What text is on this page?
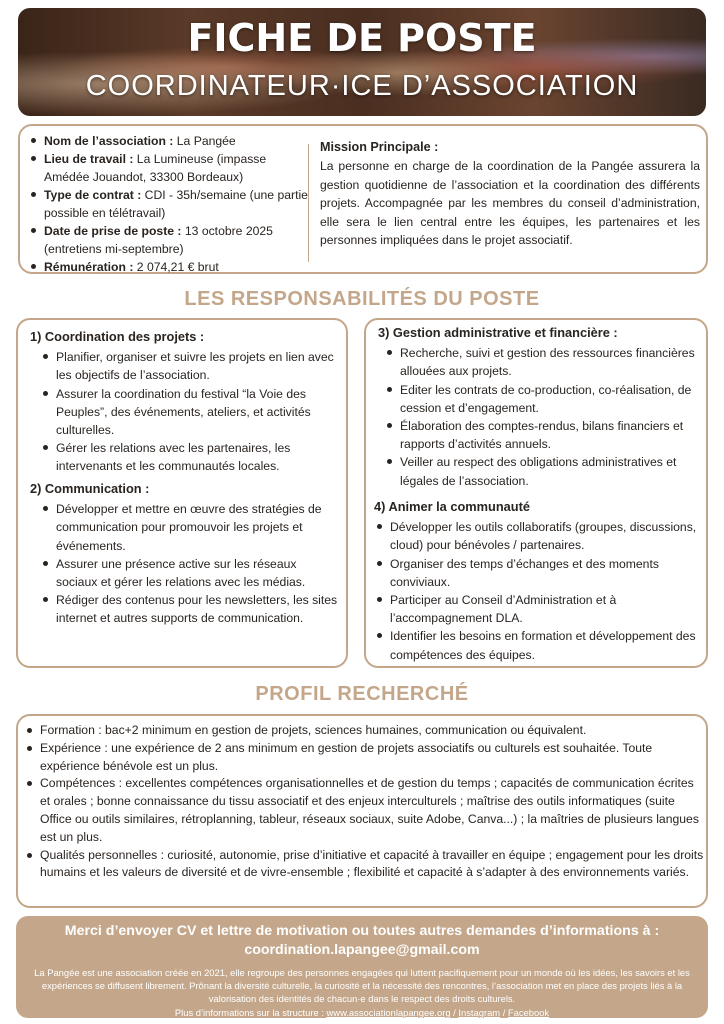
FICHE DE POSTE
COORDINATEUR·ICE D’ASSOCIATION
Nom de l’association : La Pangée
Lieu de travail : La Lumineuse (impasse Amédée Jouandot, 33300 Bordeaux)
Type de contrat : CDI - 35h/semaine (une partie possible en télétravail)
Date de prise de poste : 13 octobre 2025 (entretiens mi-septembre)
Rémunération : 2 074,21 € brut
Mission Principale :
La personne en charge de la coordination de la Pangée assurera la gestion quotidienne de l’association et la coordination des différents projets. Accompagnée par les membres du conseil d’administration, elle sera le lien central entre les équipes, les partenaires et les personnes impliquées dans le projet associatif.
LES RESPONSABILITÉS DU POSTE
1) Coordination des projets :
Planifier, organiser et suivre les projets en lien avec les objectifs de l’association.
Assurer la coordination du festival “la Voie des Peuples”, des événements, ateliers, et activités culturelles.
Gérer les relations avec les partenaires, les intervenants et les communautés locales.
2) Communication :
Développer et mettre en œuvre des stratégies de communication pour promouvoir les projets et événements.
Assurer une présence active sur les réseaux sociaux et gérer les relations avec les médias.
Rédiger des contenus pour les newsletters, les sites internet et autres supports de communication.
3) Gestion administrative et financière :
Recherche, suivi et gestion des ressources financières allouées aux projets.
Editer les contrats de co-production, co-réalisation, de cession et d’engagement.
Élaboration des comptes-rendus, bilans financiers et rapports d’activités annuels.
Veiller au respect des obligations administratives et légales de l’association.
4) Animer la communauté
Développer les outils collaboratifs (groupes, discussions, cloud) pour bénévoles / partenaires.
Organiser des temps d’échanges et des moments conviviaux.
Participer au Conseil d’Administration et à l’accompagnement DLA.
Identifier les besoins en formation et développement des compétences des équipes.
PROFIL RECHERCHÉ
Formation : bac+2 minimum en gestion de projets, sciences humaines, communication ou équivalent.
Expérience : une expérience de 2 ans minimum en gestion de projets associatifs ou culturels est souhaitée. Toute expérience bénévole est un plus.
Compétences : excellentes compétences organisationnelles et de gestion du temps ; capacités de communication écrites et orales ; bonne connaissance du tissu associatif et des enjeux interculturels ; maîtrise des outils informatiques (suite Office ou outils similaires, rétroplanning, tableur, réseaux sociaux, suite Adobe, Canva...) ; la maîtries de plusieurs langues est un plus.
Qualités personnelles : curiosité, autonomie, prise d’initiative et capacité à travailler en équipe ; engagement pour les droits humains et les valeurs de diversité et de vivre-ensemble ; flexibilité et capacité à s’adapter à des environnements variés.
Merci d’envoyer CV et lettre de motivation ou toutes autres demandes d’informations à :
coordination.lapangee@gmail.com
La Pangée est une association créée en 2021, elle regroupe des personnes engagées qui luttent pacifiquement pour un monde où les idées, les savoirs et les expériences se diffusent librement. Prônant la diversité culturelle, la curiosité et la nécessité des rencontres, l’association met en place des projets liés à la valorisation des identités de chacun·e dans le respect des droits culturels.
Plus d’informations sur la structure : www.associationlapangee.org / Instagram / Facebook
